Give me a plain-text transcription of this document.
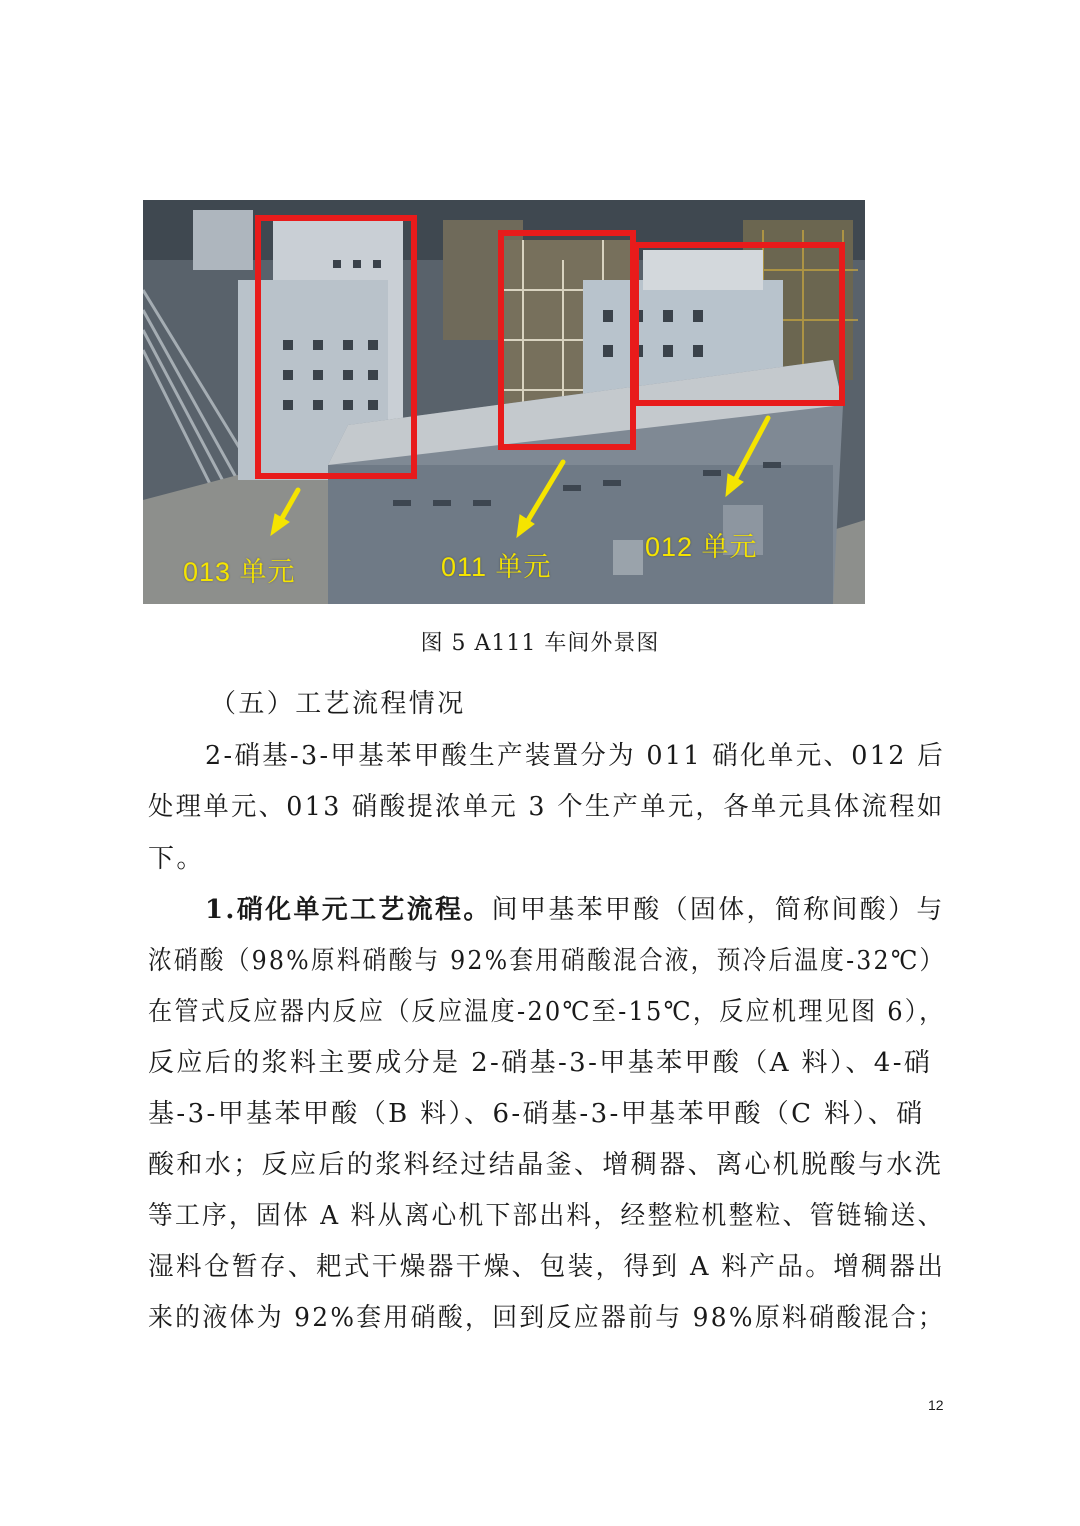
013 单元	011 单元
012 单元
图 5 A111 车间外景图
（五）工艺流程情况
2-硝基-3-甲基苯甲酸生产装置分为 011 硝化单元、012 后
处理单元、013 硝酸提浓单元 3 个生产单元，各单元具体流程如
下。
1.硝化单元工艺流程。间甲基苯甲酸（固体，简称间酸）与
浓硝酸（98%原料硝酸与 92%套用硝酸混合液，预冷后温度-32℃）
在管式反应器内反应（反应温度-20℃至-15℃，反应机理见图 6），
反应后的浆料主要成分是 2-硝基-3-甲基苯甲酸（A 料）、4-硝
基-3-甲基苯甲酸（B 料）、6-硝基-3-甲基苯甲酸（C 料）、硝
酸和水；反应后的浆料经过结晶釜、增稠器、离心机脱酸与水洗
等工序，固体 A 料从离心机下部出料，经整粒机整粒、管链输送、
湿料仓暂存、耙式干燥器干燥、包装，得到 A 料产品。增稠器出
来的液体为 92%套用硝酸，回到反应器前与 98%原料硝酸混合；
12
